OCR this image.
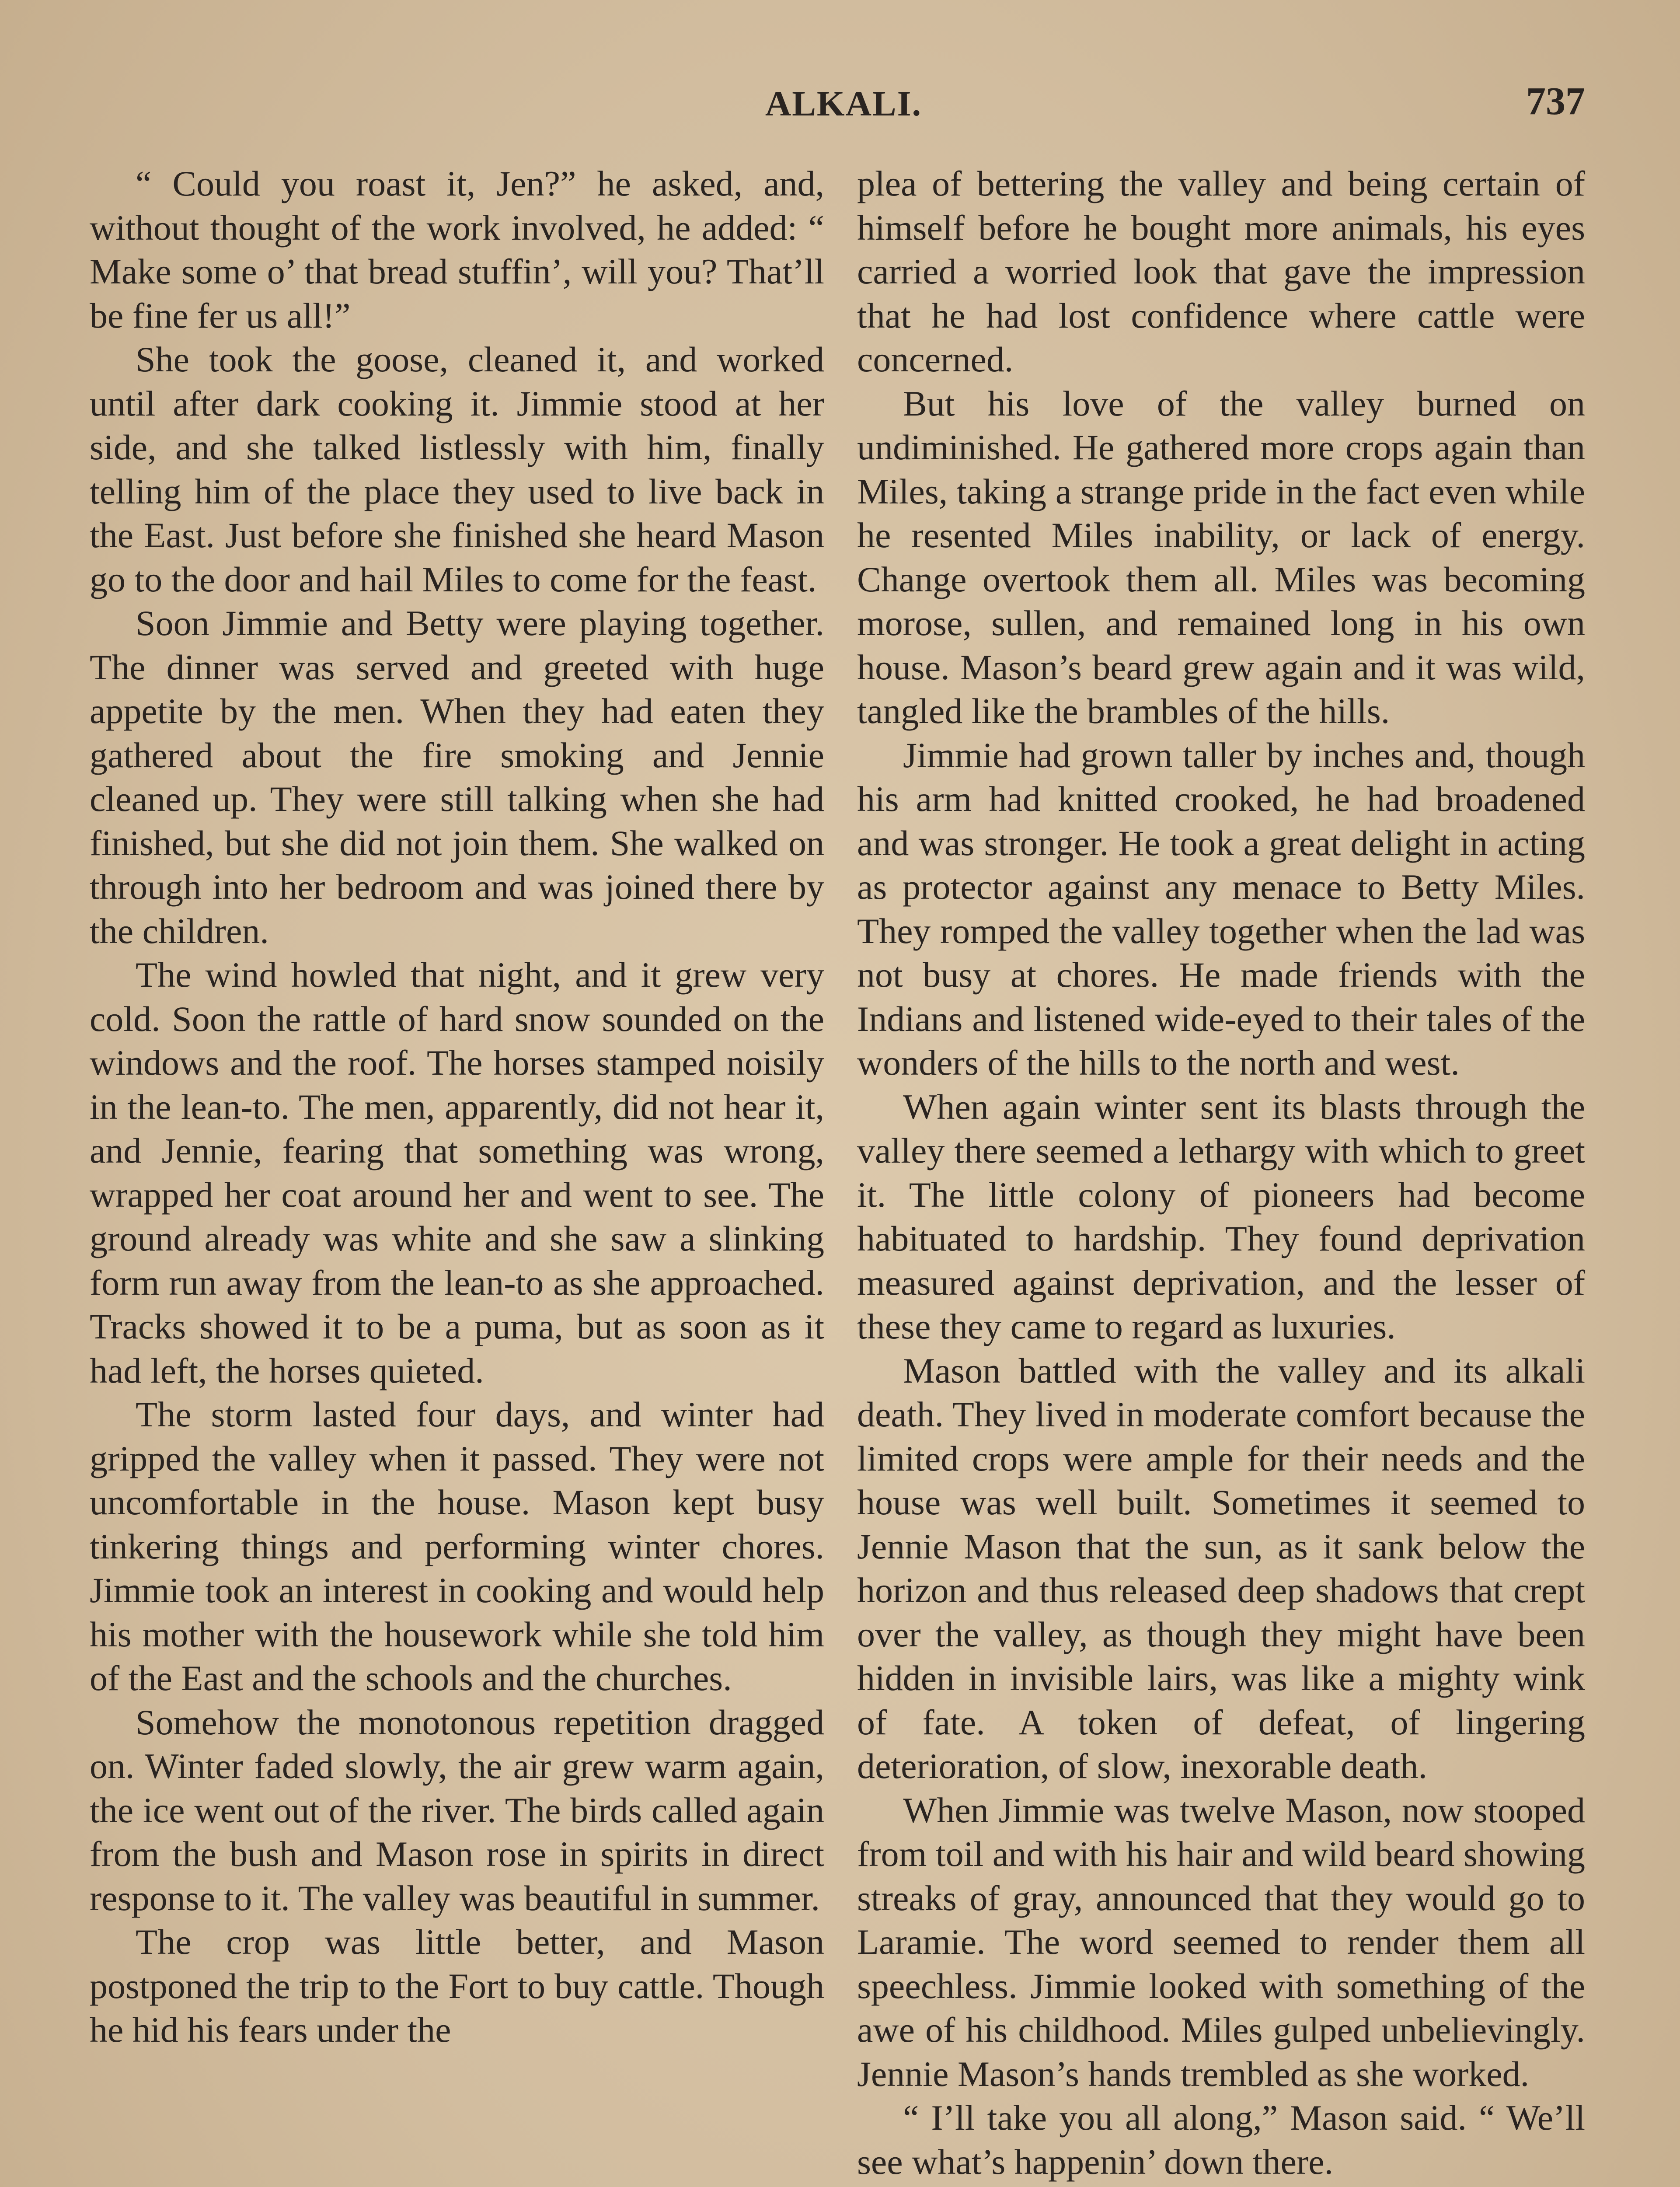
ALKALI.	737

“ Could you roast it, Jen?” he asked, and, without thought of the work involved, he added: “ Make some o’ that bread stuffin’, will you? That’ll be fine fer us all!”

She took the goose, cleaned it, and worked until after dark cooking it. Jimmie stood at her side, and she talked listlessly with him, finally telling him of the place they used to live back in the East. Just before she finished she heard Mason go to the door and hail Miles to come for the feast.

Soon Jimmie and Betty were playing together. The dinner was served and greeted with huge appetite by the men. When they had eaten they gathered about the fire smoking and Jennie cleaned up. They were still talking when she had finished, but she did not join them. She walked on through into her bedroom and was joined there by the children.

The wind howled that night, and it grew very cold. Soon the rattle of hard snow sounded on the windows and the roof. The horses stamped noisily in the lean-to. The men, apparently, did not hear it, and Jennie, fearing that something was wrong, wrapped her coat around her and went to see. The ground already was white and she saw a slinking form run away from the lean-to as she approached. Tracks showed it to be a puma, but as soon as it had left, the horses quieted.

The storm lasted four days, and winter had gripped the valley when it passed. They were not uncomfortable in the house. Mason kept busy tinkering things and performing winter chores. Jimmie took an interest in cooking and would help his mother with the housework while she told him of the East and the schools and the churches.

Somehow the monotonous repetition dragged on. Winter faded slowly, the air grew warm again, the ice went out of the river. The birds called again from the bush and Mason rose in spirits in direct response to it. The valley was beautiful in summer.

The crop was little better, and Mason postponed the trip to the Fort to buy cattle. Though he hid his fears under the

plea of bettering the valley and being certain of himself before he bought more animals, his eyes carried a worried look that gave the impression that he had lost confidence where cattle were concerned.

But his love of the valley burned on undiminished. He gathered more crops again than Miles, taking a strange pride in the fact even while he resented Miles inability, or lack of energy. Change overtook them all. Miles was becoming morose, sullen, and remained long in his own house. Mason’s beard grew again and it was wild, tangled like the brambles of the hills.

Jimmie had grown taller by inches and, though his arm had knitted crooked, he had broadened and was stronger. He took a great delight in acting as protector against any menace to Betty Miles. They romped the valley together when the lad was not busy at chores. He made friends with the Indians and listened wide-eyed to their tales of the wonders of the hills to the north and west.

When again winter sent its blasts through the valley there seemed a lethargy with which to greet it. The little colony of pioneers had become habituated to hardship. They found deprivation measured against deprivation, and the lesser of these they came to regard as luxuries.

Mason battled with the valley and its alkali death. They lived in moderate comfort because the limited crops were ample for their needs and the house was well built. Sometimes it seemed to Jennie Mason that the sun, as it sank below the horizon and thus released deep shadows that crept over the valley, as though they might have been hidden in invisible lairs, was like a mighty wink of fate. A token of defeat, of lingering deterioration, of slow, inexorable death.

When Jimmie was twelve Mason, now stooped from toil and with his hair and wild beard showing streaks of gray, announced that they would go to Laramie. The word seemed to render them all speechless. Jimmie looked with something of the awe of his childhood. Miles gulped unbelievingly. Jennie Mason’s hands trembled as she worked.

“ I’ll take you all along,” Mason said. “ We’ll see what’s happenin’ down there.
